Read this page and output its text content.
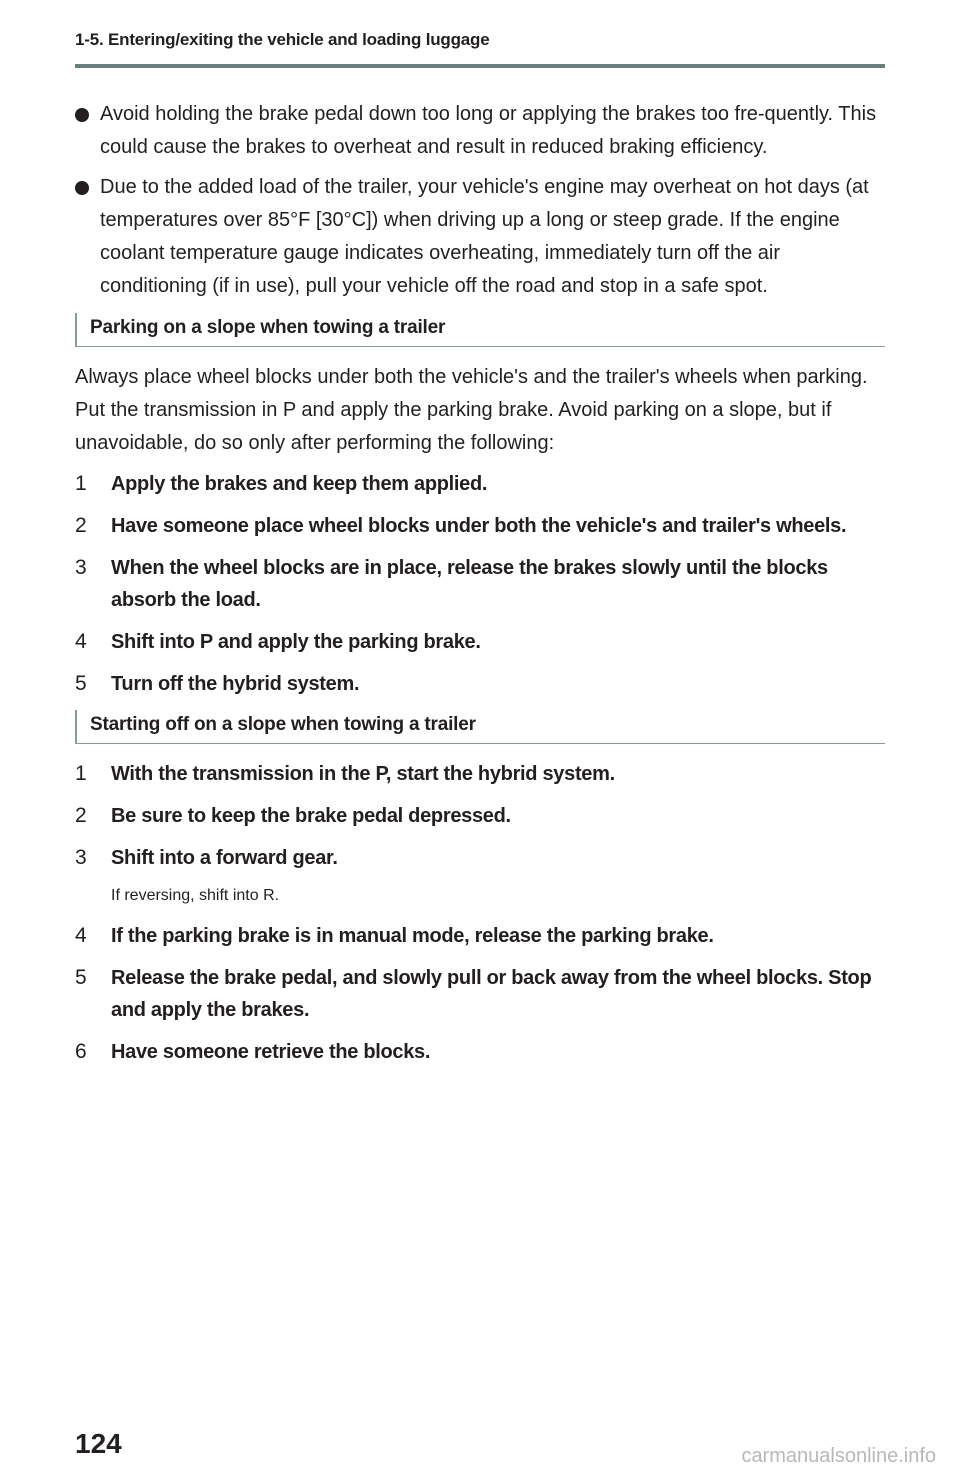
1-5. Entering/exiting the vehicle and loading luggage
Avoid holding the brake pedal down too long or applying the brakes too fre-quently. This could cause the brakes to overheat and result in reduced braking efficiency.
Due to the added load of the trailer, your vehicle's engine may overheat on hot days (at temperatures over 85°F [30°C]) when driving up a long or steep grade. If the engine coolant temperature gauge indicates overheating, immediately turn off the air conditioning (if in use), pull your vehicle off the road and stop in a safe spot.
Parking on a slope when towing a trailer
Always place wheel blocks under both the vehicle's and the trailer's wheels when parking. Put the transmission in P and apply the parking brake. Avoid parking on a slope, but if unavoidable, do so only after performing the following:
1 Apply the brakes and keep them applied.
2 Have someone place wheel blocks under both the vehicle's and trailer's wheels.
3 When the wheel blocks are in place, release the brakes slowly until the blocks absorb the load.
4 Shift into P and apply the parking brake.
5 Turn off the hybrid system.
Starting off on a slope when towing a trailer
1 With the transmission in the P, start the hybrid system.
2 Be sure to keep the brake pedal depressed.
3 Shift into a forward gear.
If reversing, shift into R.
4 If the parking brake is in manual mode, release the parking brake.
5 Release the brake pedal, and slowly pull or back away from the wheel blocks. Stop and apply the brakes.
6 Have someone retrieve the blocks.
124	carmanualsonline.info
